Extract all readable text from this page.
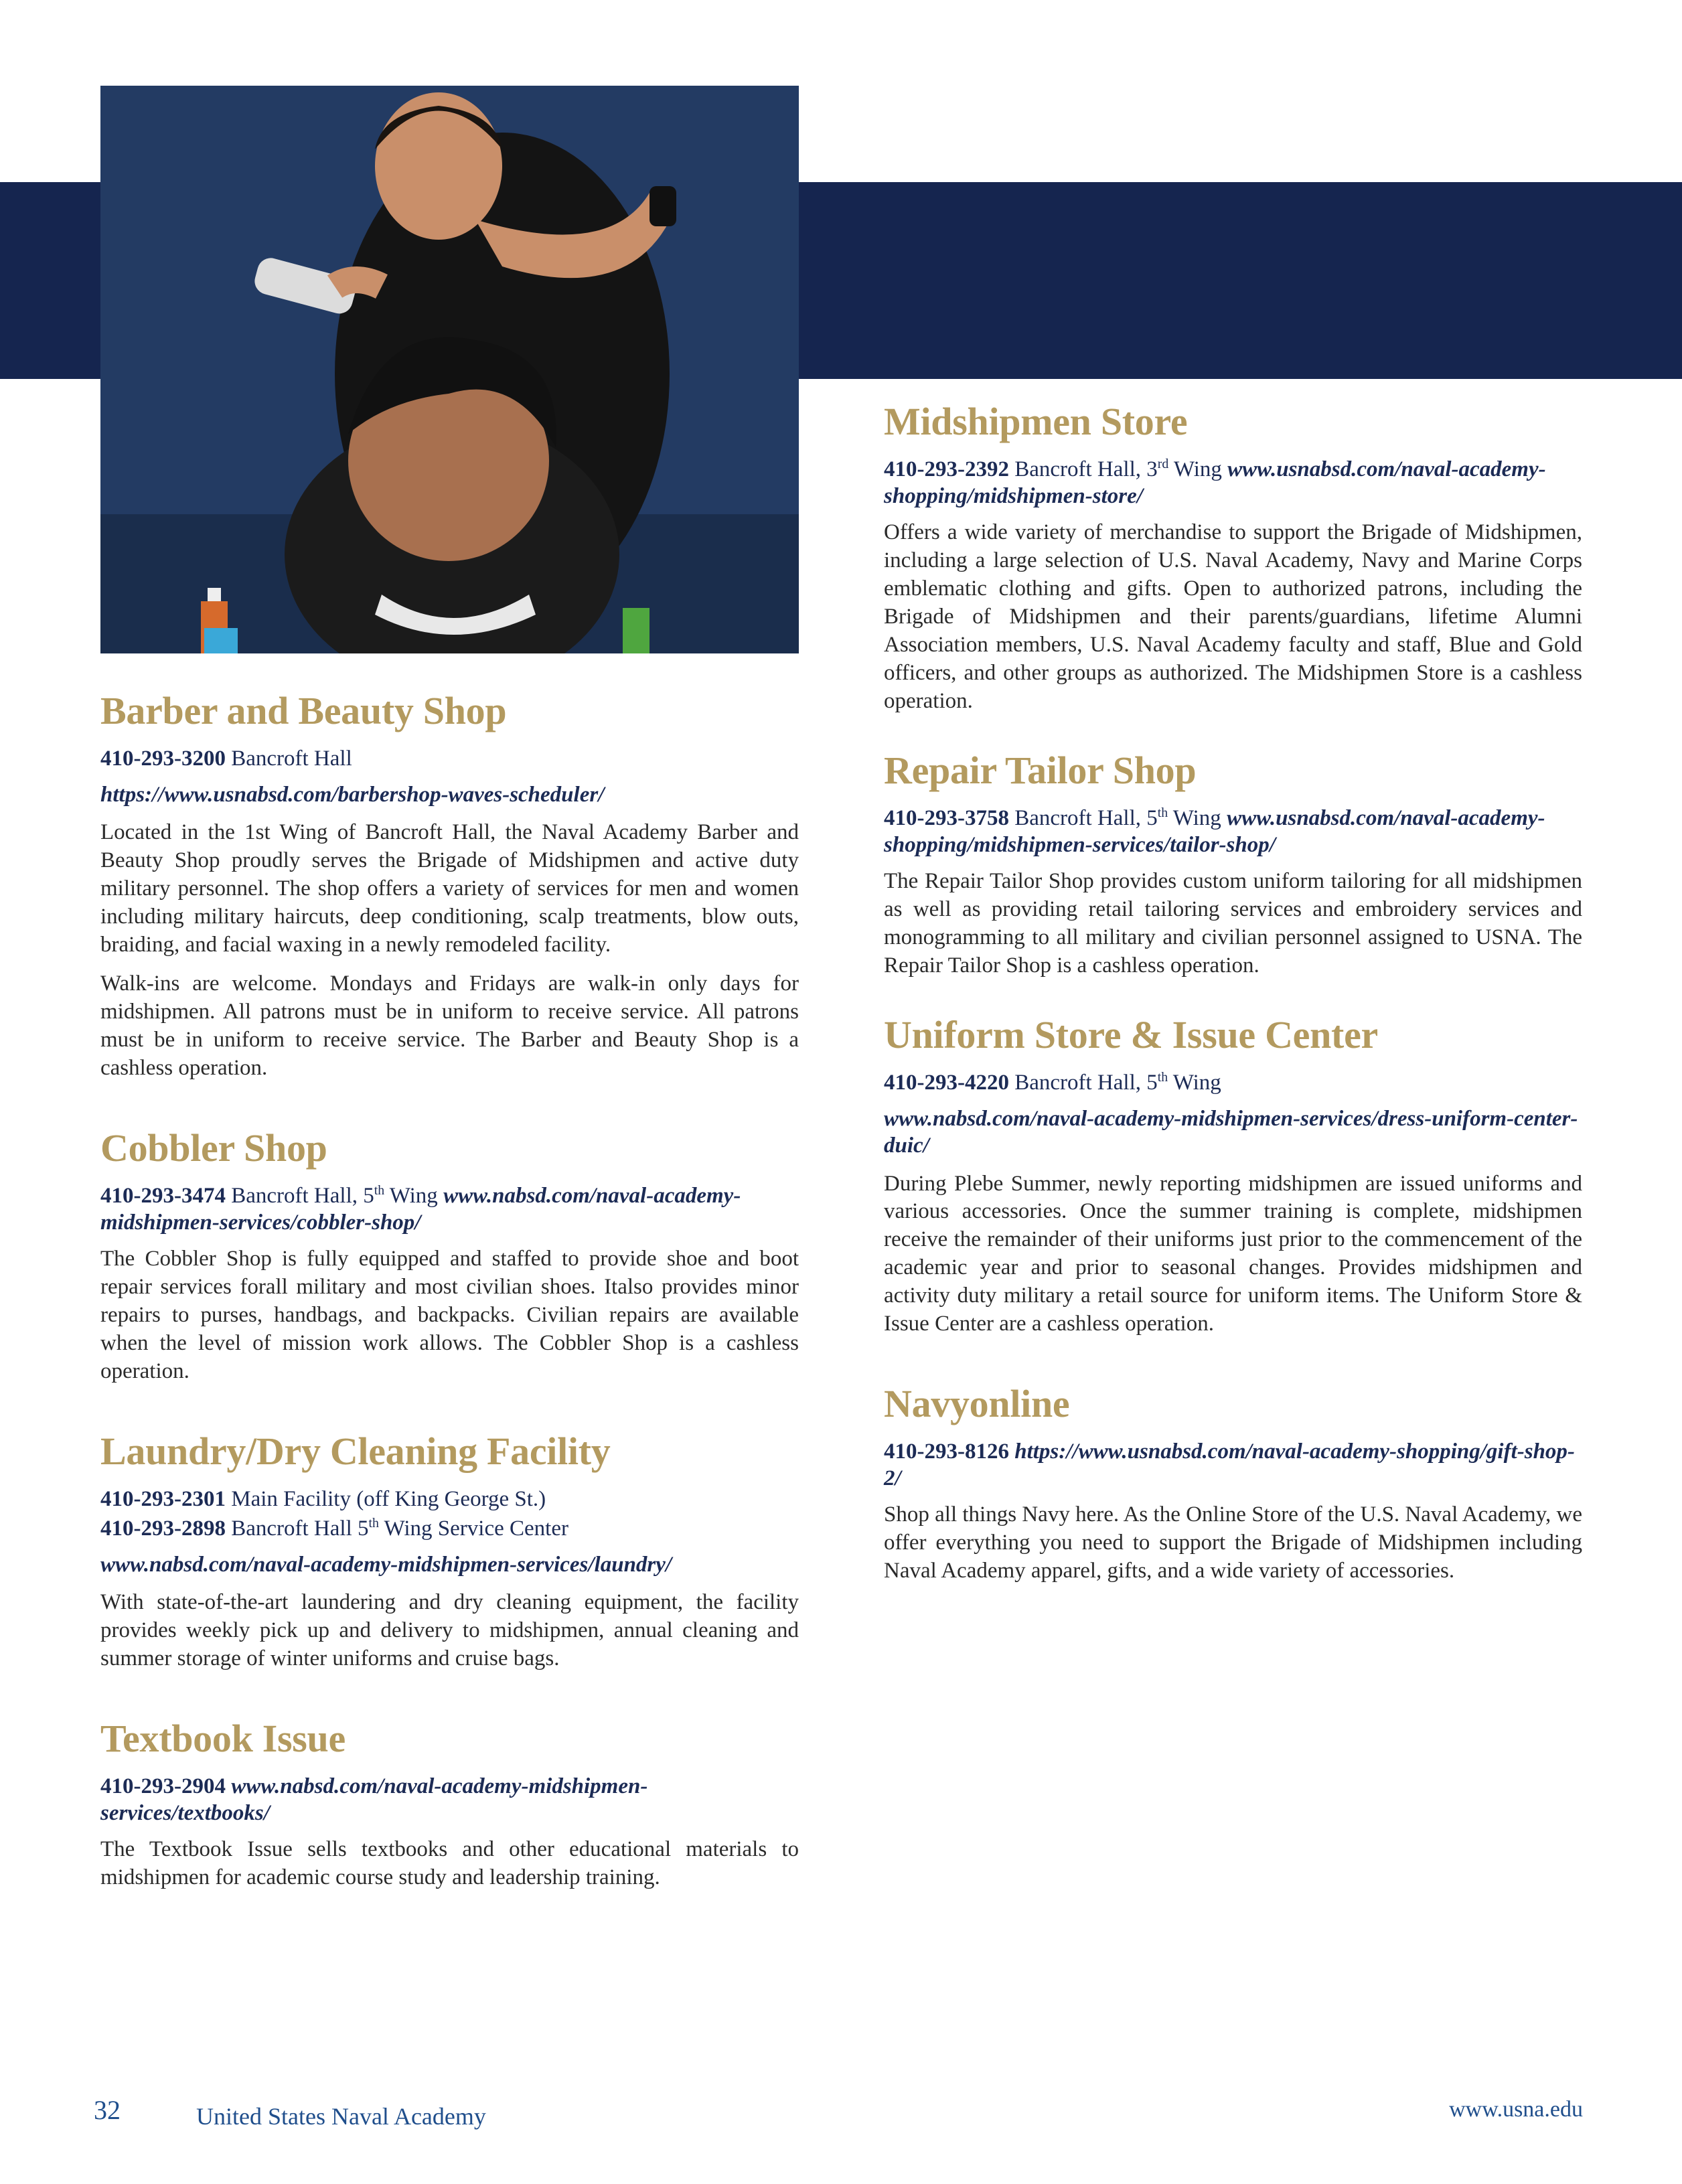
Barber and Beauty Shop
410-293-3200 Bancroft Hall
https://www.usnabsd.com/barbershop-waves-scheduler/

Located in the 1st Wing of Bancroft Hall, the Naval Academy Barber and Beauty Shop proudly serves the Brigade of Midshipmen and active duty military personnel. The shop offers a variety of services for men and women including military haircuts, deep conditioning, scalp treatments, blow outs, braiding, and facial waxing in a newly remodeled facility.

Walk-ins are welcome. Mondays and Fridays are walk-in only days for midshipmen. All patrons must be in uniform to receive service. All patrons must be in uniform to receive service. The Barber and Beauty Shop is a cashless operation.

Cobbler Shop
410-293-3474 Bancroft Hall, 5th Wing www.nabsd.com/naval-academy-midshipmen-services/cobbler-shop/

The Cobbler Shop is fully equipped and staffed to provide shoe and boot repair services forall military and most civilian shoes. Italso provides minor repairs to purses, handbags, and backpacks. Civilian repairs are available when the level of mission work allows. The Cobbler Shop is a cashless operation.

Laundry/Dry Cleaning Facility
410-293-2301 Main Facility (off King George St.)
410-293-2898 Bancroft Hall 5th Wing Service Center
www.nabsd.com/naval-academy-midshipmen-services/laundry/

With state-of-the-art laundering and dry cleaning equipment, the facility provides weekly pick up and delivery to midshipmen, annual cleaning and summer storage of winter uniforms and cruise bags.

Textbook Issue
410-293-2904 www.nabsd.com/naval-academy-midshipmen-services/textbooks/

The Textbook Issue sells textbooks and other educational materials to midshipmen for academic course study and leadership training.

Midshipmen Store
410-293-2392 Bancroft Hall, 3rd Wing www.usnabsd.com/naval-academy-shopping/midshipmen-store/

Offers a wide variety of merchandise to support the Brigade of Midshipmen, including a large selection of U.S. Naval Academy, Navy and Marine Corps emblematic clothing and gifts. Open to authorized patrons, including the Brigade of Midshipmen and their parents/guardians, lifetime Alumni Association members, U.S. Naval Academy faculty and staff, Blue and Gold officers, and other groups as authorized. The Midshipmen Store is a cashless operation.

Repair Tailor Shop
410-293-3758 Bancroft Hall, 5th Wing www.usnabsd.com/naval-academy-shopping/midshipmen-services/tailor-shop/

The Repair Tailor Shop provides custom uniform tailoring for all midshipmen as well as providing retail tailoring services and embroidery services and monogramming to all military and civilian personnel assigned to USNA. The Repair Tailor Shop is a cashless operation.

Uniform Store & Issue Center
410-293-4220 Bancroft Hall, 5th Wing
www.nabsd.com/naval-academy-midshipmen-services/dress-uniform-center-duic/

During Plebe Summer, newly reporting midshipmen are issued uniforms and various accessories. Once the summer training is complete, midshipmen receive the remainder of their uniforms just prior to the commencement of the academic year and prior to seasonal changes. Provides midshipmen and activity duty military a retail source for uniform items. The Uniform Store & Issue Center are a cashless operation.

Navyonline
410-293-8126 https://www.usnabsd.com/naval-academy-shopping/gift-shop-2/

Shop all things Navy here. As the Online Store of the U.S. Naval Academy, we offer everything you need to support the Brigade of Midshipmen including Naval Academy apparel, gifts, and a wide variety of accessories.

32	United States Naval Academy	www.usna.edu
